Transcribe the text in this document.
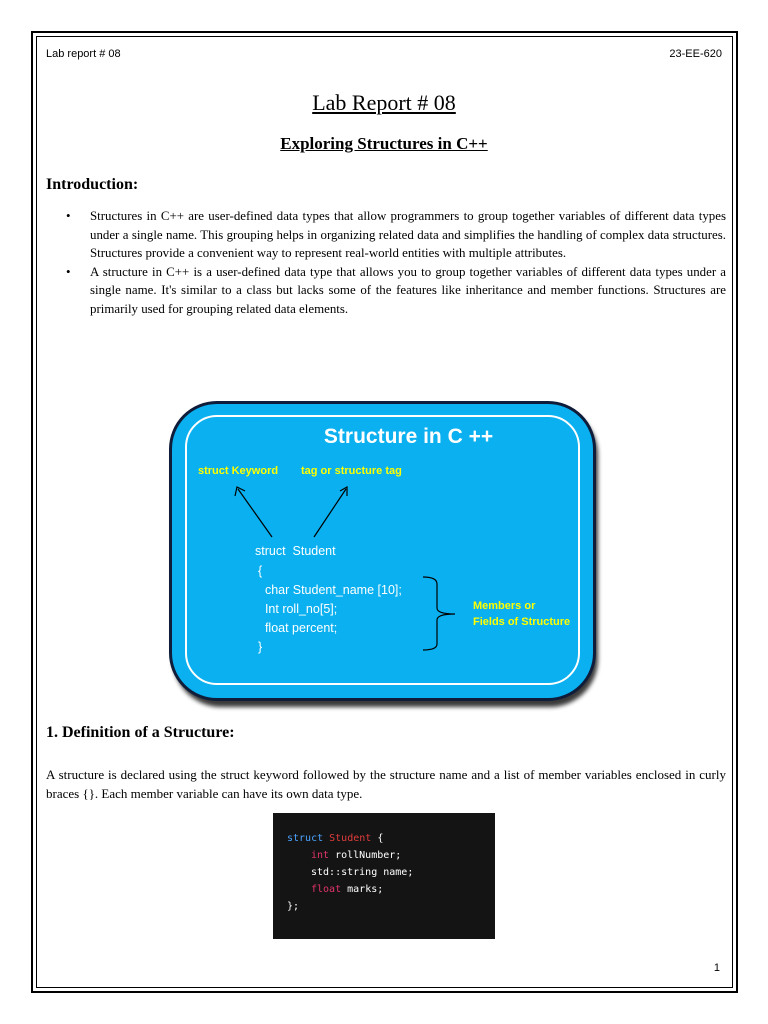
Lab report # 08	23-EE-620
Lab Report # 08
Exploring Structures in C++
Introduction:
• Structures in C++ are user-defined data types that allow programmers to group together variables of different data types under a single name. This grouping helps in organizing related data and simplifies the handling of complex data structures. Structures provide a convenient way to represent real-world entities with multiple attributes.
• A structure in C++ is a user-defined data type that allows you to group together variables of different data types under a single name. It's similar to a class but lacks some of the features like inheritance and member functions. Structures are primarily used for grouping related data elements.
Structure in C ++
struct Keyword tag or structure tag
Members or
Fields of Structure
struct  Student
{
char Student_name [10];
Int roll_no[5];
float percent;
}
1. Definition of a Structure:
A structure is declared using the struct keyword followed by the structure name and a list of member variables enclosed in curly braces {}. Each member variable can have its own data type.
struct Student {
int rollNumber;
std::string name;
float marks;
};
1
